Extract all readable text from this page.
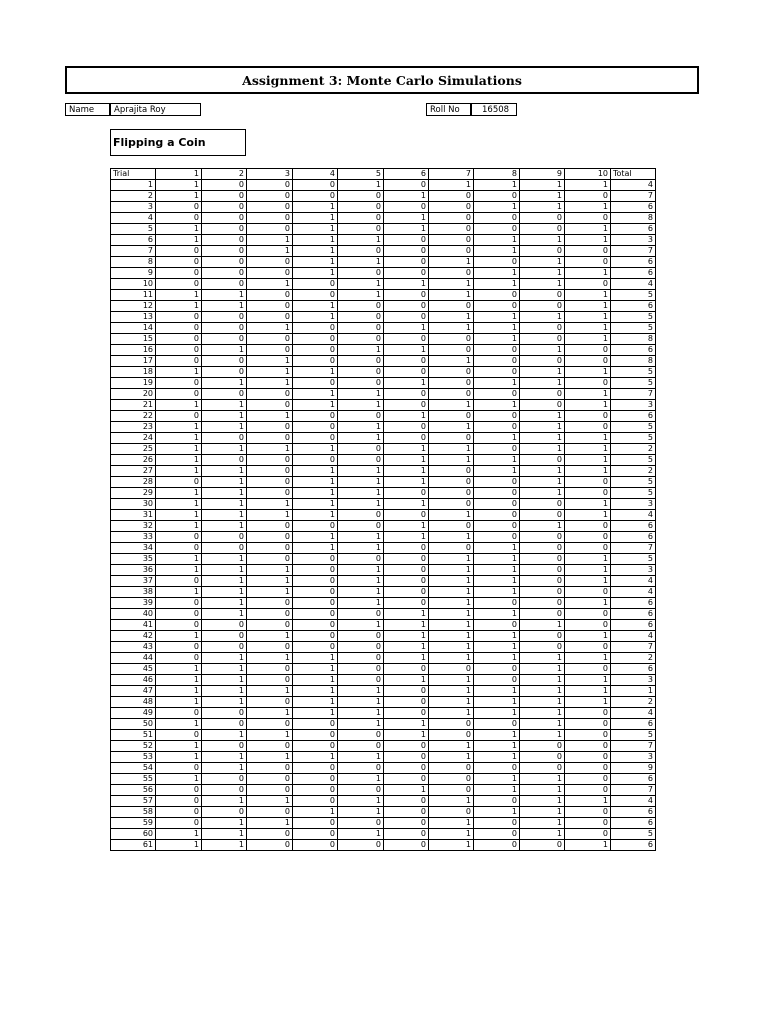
Assignment 3: Monte Carlo Simulations
Name	Aprajita Roy	Roll No	16508
Flipping a Coin
Trial	1	2	3	4	5	6	7	8	9	10	Total
1	1	0	0	0	1	0	1	1	1	1	4
2	1	0	0	0	0	1	0	0	1	0	7
3	0	0	0	1	0	0	0	1	1	1	6
4	0	0	0	1	0	1	0	0	0	0	8
5	1	0	0	1	0	1	0	0	0	1	6
6	1	0	1	1	1	0	0	1	1	1	3
7	0	0	1	1	0	0	0	1	0	0	7
8	0	0	0	1	1	0	1	0	1	0	6
9	0	0	0	1	0	0	0	1	1	1	6
10	0	0	1	0	1	1	1	1	1	0	4
11	1	1	0	0	1	0	1	0	0	1	5
12	1	1	0	1	0	0	0	0	0	1	6
13	0	0	0	1	0	0	1	1	1	1	5
14	0	0	1	0	0	1	1	1	0	1	5
15	0	0	0	0	0	0	0	1	0	1	8
16	0	1	0	0	1	1	0	0	1	0	6
17	0	0	1	0	0	0	1	0	0	0	8
18	1	0	1	1	0	0	0	0	1	1	5
19	0	1	1	0	0	1	0	1	1	0	5
20	0	0	0	1	1	0	0	0	0	1	7
21	1	1	0	1	1	0	1	1	0	1	3
22	0	1	1	0	0	1	0	0	1	0	6
23	1	1	0	0	1	0	1	0	1	0	5
24	1	0	0	0	1	0	0	1	1	1	5
25	1	1	1	1	0	1	1	0	1	1	2
26	1	0	0	0	0	1	1	1	0	1	5
27	1	1	0	1	1	1	0	1	1	1	2
28	0	1	0	1	1	1	0	0	1	0	5
29	1	1	0	1	1	0	0	0	1	0	5
30	1	1	1	1	1	1	0	0	0	1	3
31	1	1	1	1	0	0	1	0	0	1	4
32	1	1	0	0	0	1	0	0	1	0	6
33	0	0	0	1	1	1	1	0	0	0	6
34	0	0	0	1	1	0	0	1	0	0	7
35	1	1	0	0	0	0	1	1	0	1	5
36	1	1	1	0	1	0	1	1	0	1	3
37	0	1	1	0	1	0	1	1	0	1	4
38	1	1	1	0	1	0	1	1	0	0	4
39	0	1	0	0	1	0	1	0	0	1	6
40	0	1	0	0	0	1	1	1	0	0	6
41	0	0	0	0	1	1	1	0	1	0	6
42	1	0	1	0	0	1	1	1	0	1	4
43	0	0	0	0	0	1	1	1	0	0	7
44	0	1	1	1	0	1	1	1	1	1	2
45	1	1	0	1	0	0	0	0	1	0	6
46	1	1	0	1	0	1	1	0	1	1	3
47	1	1	1	1	1	0	1	1	1	1	1
48	1	1	0	1	1	0	1	1	1	1	2
49	0	0	1	1	1	0	1	1	1	0	4
50	1	0	0	0	1	1	0	0	1	0	6
51	0	1	1	0	0	1	0	1	1	0	5
52	1	0	0	0	0	0	1	1	0	0	7
53	1	1	1	1	1	0	1	1	0	0	3
54	0	1	0	0	0	0	0	0	0	0	9
55	1	0	0	0	1	0	0	1	1	0	6
56	0	0	0	0	0	1	0	1	1	0	7
57	0	1	1	0	1	0	1	0	1	1	4
58	0	0	0	1	1	0	0	1	1	0	6
59	0	1	1	0	0	0	1	0	1	0	6
60	1	1	0	0	1	0	1	0	1	0	5
61	1	1	0	0	0	0	1	0	0	1	6
